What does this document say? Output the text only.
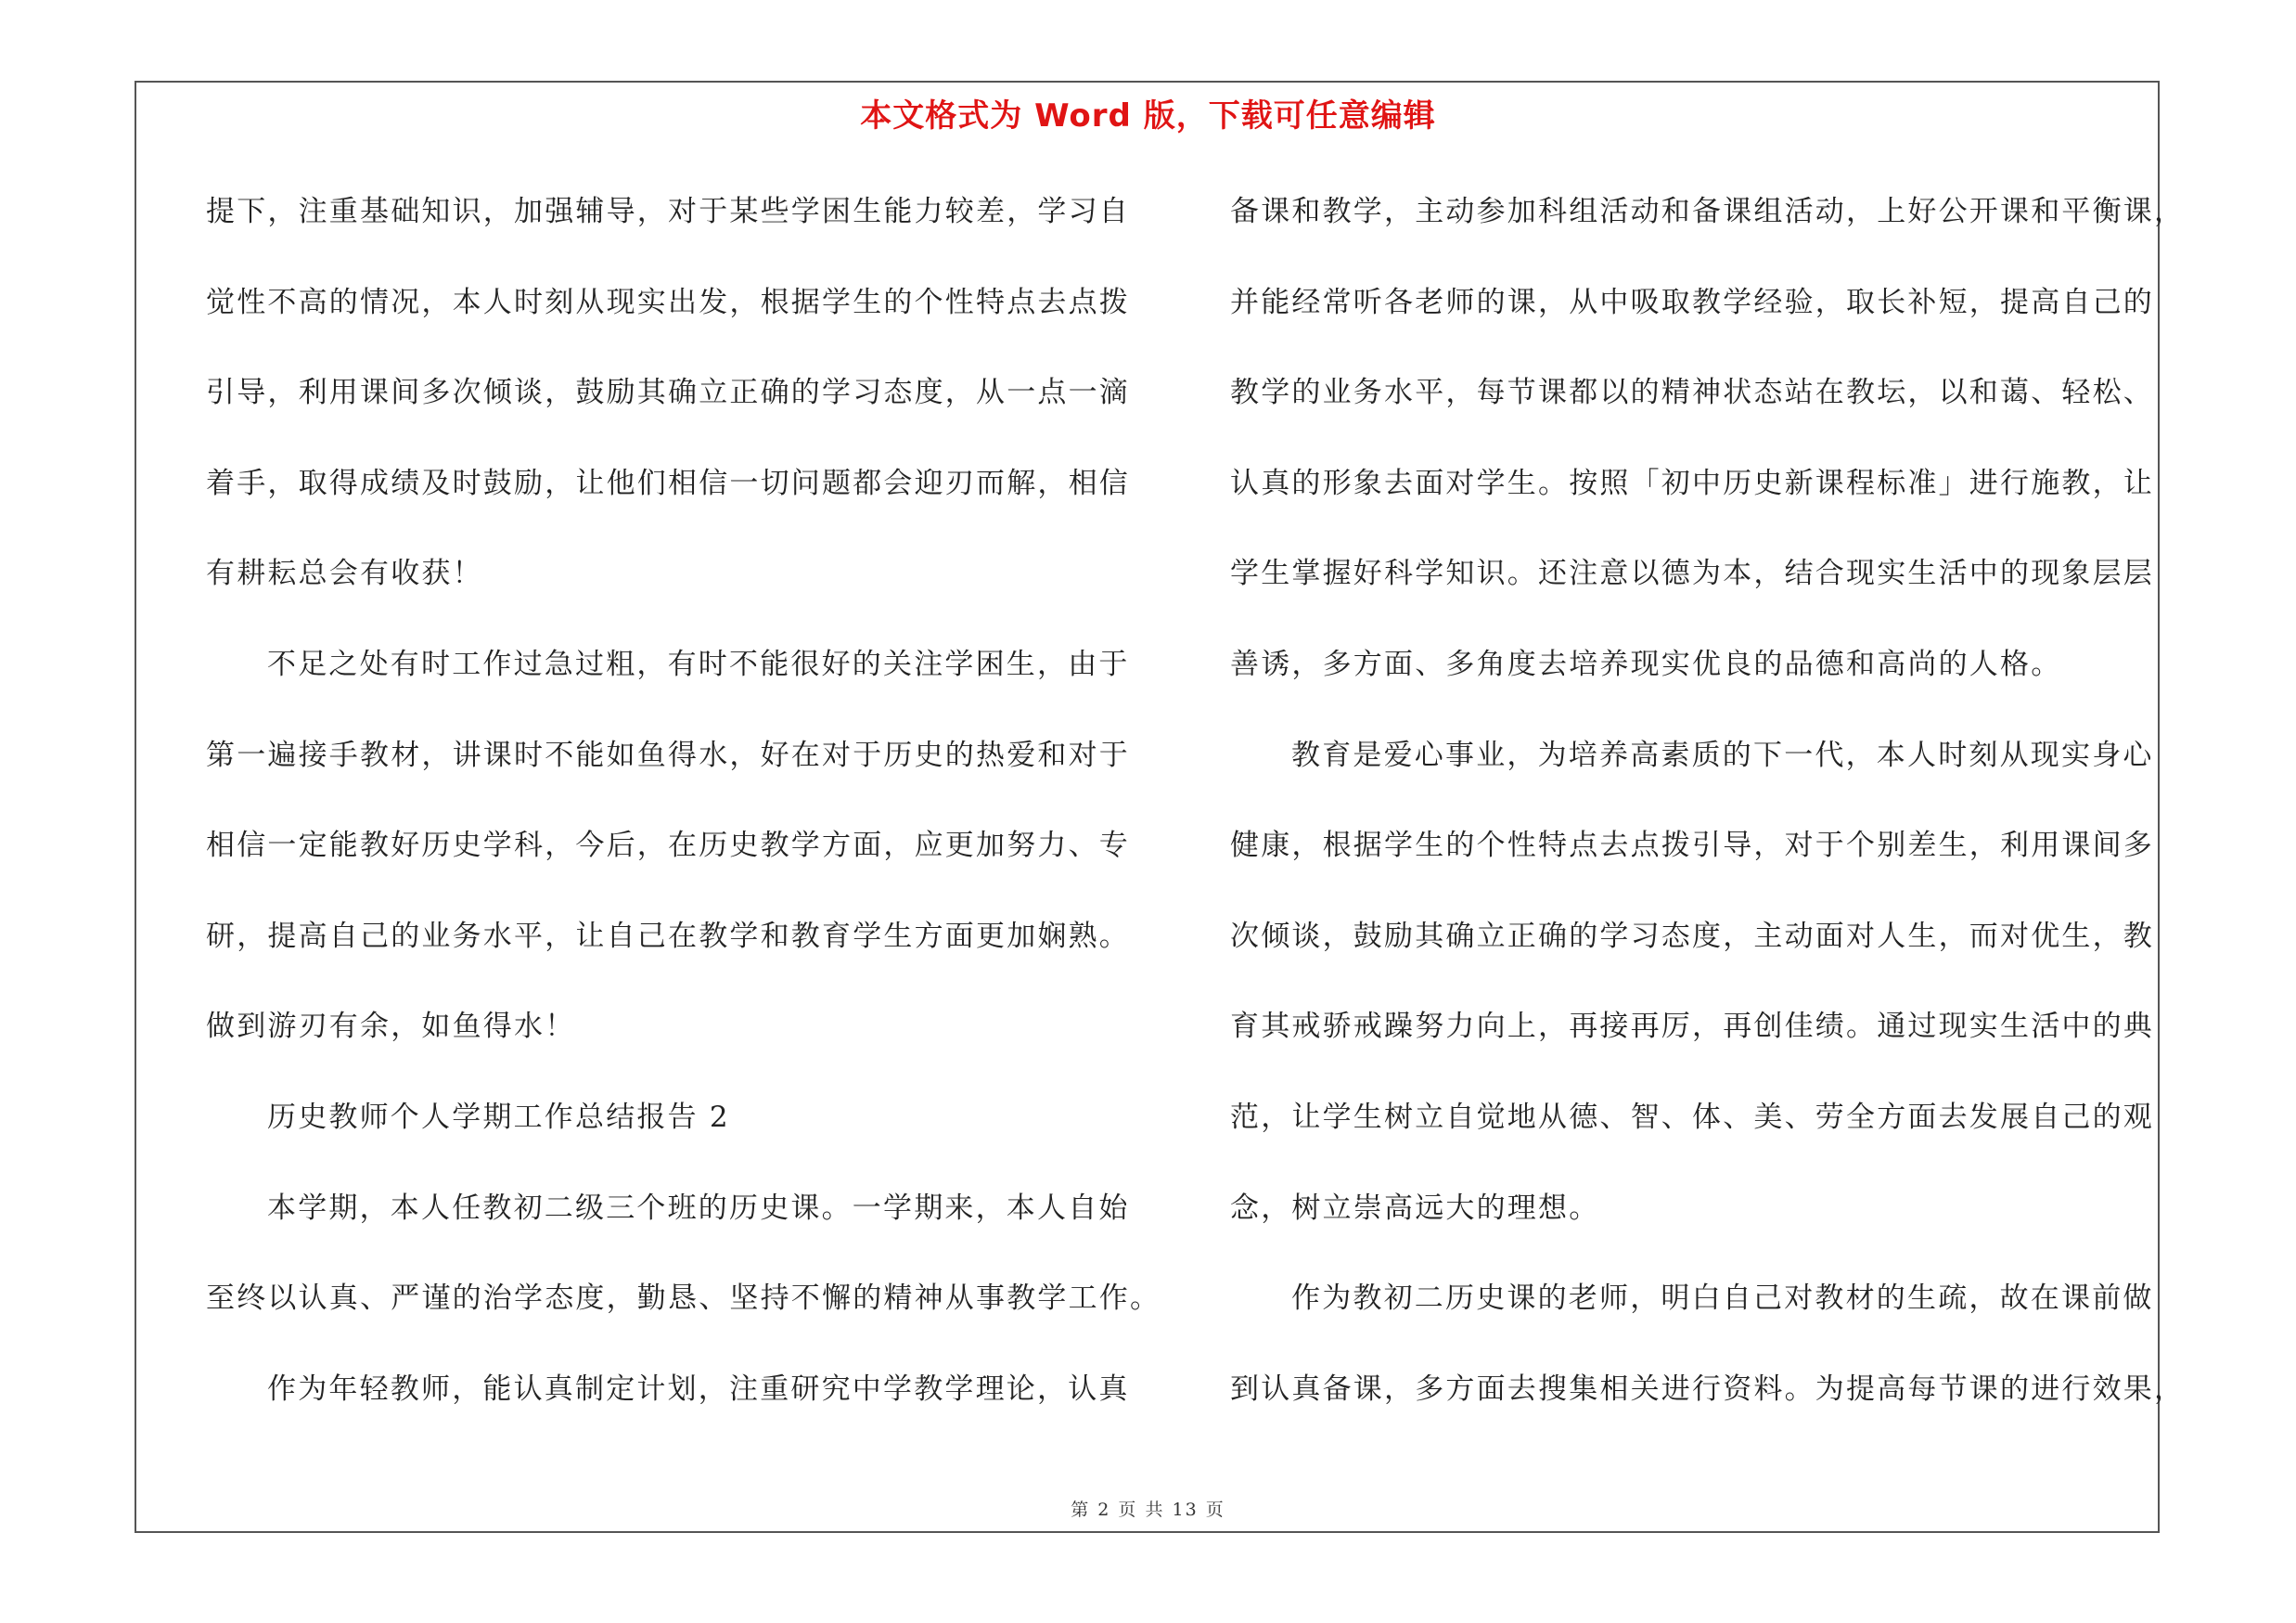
本文格式为 Word 版，下载可任意编辑
提下，注重基础知识，加强辅导，对于某些学困生能力较差，学习自
觉性不高的情况，本人时刻从现实出发，根据学生的个性特点去点拨
引导，利用课间多次倾谈，鼓励其确立正确的学习态度，从一点一滴
着手，取得成绩及时鼓励，让他们相信一切问题都会迎刃而解，相信
有耕耘总会有收获！
不足之处有时工作过急过粗，有时不能很好的关注学困生，由于
第一遍接手教材，讲课时不能如鱼得水，好在对于历史的热爱和对于
相信一定能教好历史学科，今后，在历史教学方面，应更加努力、专
研，提高自己的业务水平，让自己在教学和教育学生方面更加娴熟。
做到游刃有余，如鱼得水！
历史教师个人学期工作总结报告 2
本学期，本人任教初二级三个班的历史课。一学期来，本人自始
至终以认真、严谨的治学态度，勤恳、坚持不懈的精神从事教学工作。
作为年轻教师，能认真制定计划，注重研究中学教学理论，认真
备课和教学，主动参加科组活动和备课组活动，上好公开课和平衡课，
并能经常听各老师的课，从中吸取教学经验，取长补短，提高自己的
教学的业务水平，每节课都以的精神状态站在教坛，以和蔼、轻松、
认真的形象去面对学生。按照「初中历史新课程标准」进行施教，让
学生掌握好科学知识。还注意以德为本，结合现实生活中的现象层层
善诱，多方面、多角度去培养现实优良的品德和高尚的人格。
教育是爱心事业，为培养高素质的下一代，本人时刻从现实身心
健康，根据学生的个性特点去点拨引导，对于个别差生，利用课间多
次倾谈，鼓励其确立正确的学习态度，主动面对人生，而对优生，教
育其戒骄戒躁努力向上，再接再厉，再创佳绩。通过现实生活中的典
范，让学生树立自觉地从德、智、体、美、劳全方面去发展自己的观
念，树立崇高远大的理想。
作为教初二历史课的老师，明白自己对教材的生疏，故在课前做
到认真备课，多方面去搜集相关进行资料。为提高每节课的进行效果，
第 2 页 共 13 页
